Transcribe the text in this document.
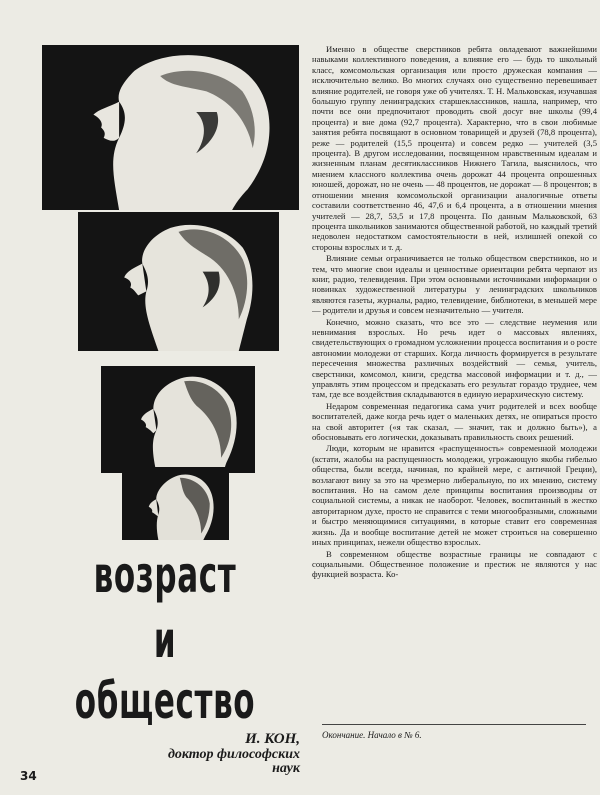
возраст
и
общество
И. КОН,
доктор философских наук
34

Именно в обществе сверстников ребята овладевают важнейшими навыками коллективного поведения, а влияние его — будь то школьный класс, комсомольская организация или просто дружеская компания — исключительно велико. Во многих случаях оно существенно перевешивает влияние родителей, не говоря уже об учителях. Т. Н. Мальковская, изучавшая большую группу ленинградских старшеклассников, нашла, например, что почти все они предпочитают проводить свой досуг вне школы (99,4 процента) и вне дома (92,7 процента). Характерно, что в свои любимые занятия ребята посвящают в основном товарищей и друзей (78,8 процента), реже — родителей (15,5 процента) и совсем редко — учителей (3,5 процента). В другом исследовании, посвященном нравственным идеалам и жизненным планам десятиклассников Нижнего Тагила, выяснилось, что мнением классного коллектива очень дорожат 44 процента опрошенных юношей, дорожат, но не очень — 48 процентов, не дорожат — 8 процентов; в отношении мнения комсомольской организации аналогичные ответы составили соответственно 46, 47,6 и 6,4 процента, а в отношении мнения учителей — 28,7, 53,5 и 17,8 процента. По данным Мальковской, 63 процента школьников занимаются общественной работой, но каждый третий недоволен недостатком самостоятельности в ней, излишней опекой со стороны взрослых и т. д.

Влияние семьи ограничивается не только обществом сверстников, но и тем, что многие свои идеалы и ценностные ориентации ребята черпают из книг, радио, телевидения. При этом основными источниками информации о новинках художественной литературы у ленинградских школьников являются газеты, журналы, радио, телевидение, библиотеки, в меньшей мере — родители и друзья и совсем незначительно — учителя.

Конечно, можно сказать, что все это — следствие неумения или невнимания взрослых. Но речь идет о массовых явлениях, свидетельствующих о громадном усложнении процесса воспитания и о росте автономии молодежи от старших. Когда личность формируется в результате пересечения множества различных воздействий — семья, учитель, сверстники, комсомол, книги, средства массовой информации и т. д., — управлять этим процессом и предсказать его результат гораздо труднее, чем там, где все воздействия складываются в единую иерархическую систему.

Недаром современная педагогика сама учит родителей и всех вообще воспитателей, даже когда речь идет о маленьких детях, не опираться просто на свой авторитет («я так сказал, — значит, так и должно быть»), а обосновывать его логически, доказывать правильность своих решений.

Люди, которым не нравится «распущенность» современной молодежи (кстати, жалобы на распущенность молодежи, угрожающую якобы гибелью общества, были всегда, начиная, по крайней мере, с античной Греции), возлагают вину за это на чрезмерно либеральную, по их мнению, систему воспитания. Но на самом деле принципы воспитания производны от социальной системы, а никак не наоборот. Человек, воспитанный в жестко авторитарном духе, просто не справится с теми многообразными, сложными и быстро меняющимися ситуациями, в которые ставит его современная жизнь. Да и вообще воспитание детей не может строиться на совершенно иных принципах, нежели общество взрослых.

В современном обществе возрастные границы не совпадают с социальными. Общественное положение и престиж не являются у нас функцией возраста. Ко-

Окончание. Начало в № 6.
